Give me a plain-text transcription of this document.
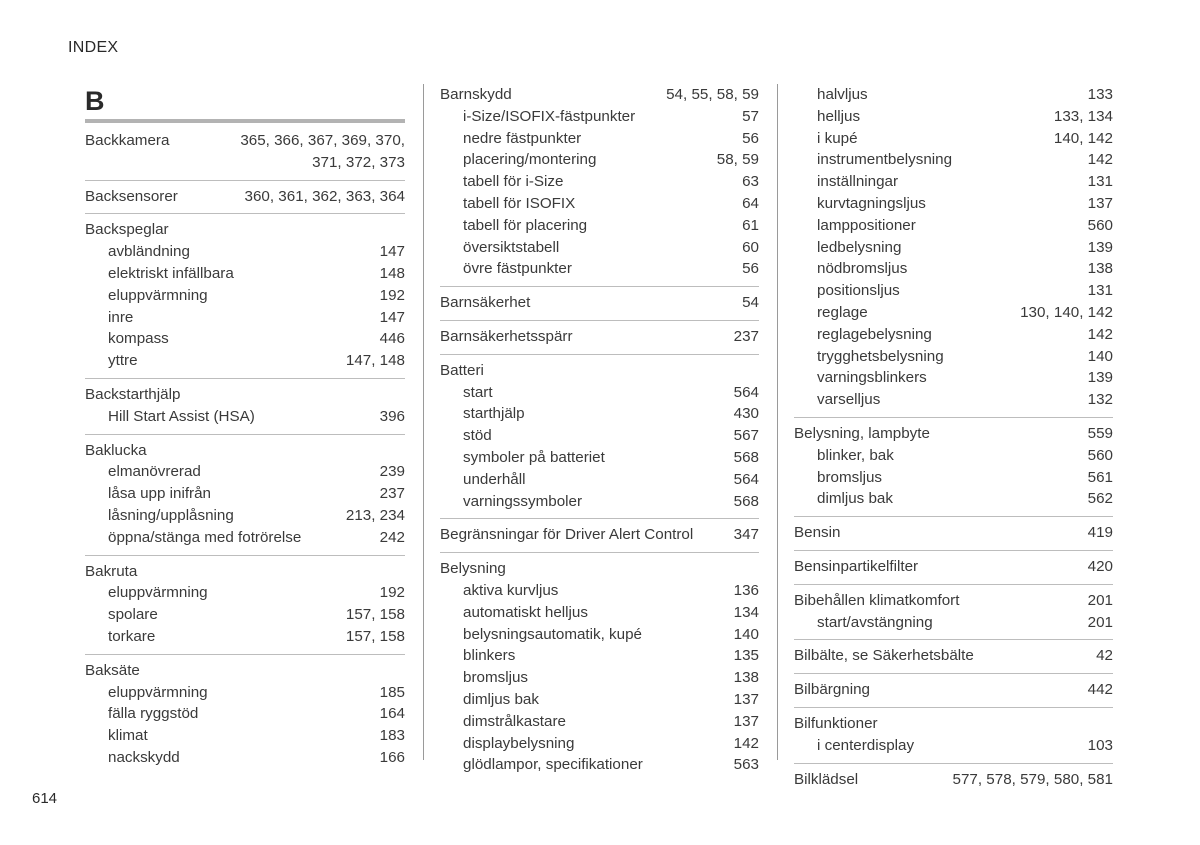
INDEX
B
Backkamera	365, 366, 367, 369, 370,
371, 372, 373
Backsensorer	360, 361, 362, 363, 364
Backspeglar
avbländning	147
elektriskt infällbara	148
eluppvärmning	192
inre	147
kompass	446
yttre	147, 148
Backstarthjälp
Hill Start Assist (HSA)	396
Baklucka
elmanövrerad	239
låsa upp inifrån	237
låsning/upplåsning	213, 234
öppna/stänga med fotrörelse	242
Bakruta
eluppvärmning	192
spolare	157, 158
torkare	157, 158
Baksäte
eluppvärmning	185
fälla ryggstöd	164
klimat	183
nackskydd	166
Barnskydd	54, 55, 58, 59
i-Size/ISOFIX-fästpunkter	57
nedre fästpunkter	56
placering/montering	58, 59
tabell för i-Size	63
tabell för ISOFIX	64
tabell för placering	61
översiktstabell	60
övre fästpunkter	56
Barnsäkerhet	54
Barnsäkerhetsspärr	237
Batteri
start	564
starthjälp	430
stöd	567
symboler på batteriet	568
underhåll	564
varningssymboler	568
Begränsningar för Driver Alert Control	347
Belysning
aktiva kurvljus	136
automatiskt helljus	134
belysningsautomatik, kupé	140
blinkers	135
bromsljus	138
dimljus bak	137
dimstrålkastare	137
displaybelysning	142
glödlampor, specifikationer	563
halvljus	133
helljus	133, 134
i kupé	140, 142
instrumentbelysning	142
inställningar	131
kurvtagningsljus	137
lamppositioner	560
ledbelysning	139
nödbromsljus	138
positionsljus	131
reglage	130, 140, 142
reglagebelysning	142
trygghetsbelysning	140
varningsblinkers	139
varselljus	132
Belysning, lampbyte	559
blinker, bak	560
bromsljus	561
dimljus bak	562
Bensin	419
Bensinpartikelfilter	420
Bibehållen klimatkomfort	201
start/avstängning	201
Bilbälte, se Säkerhetsbälte	42
Bilbärgning	442
Bilfunktioner
i centerdisplay	103
Bilklädsel	577, 578, 579, 580, 581
614
